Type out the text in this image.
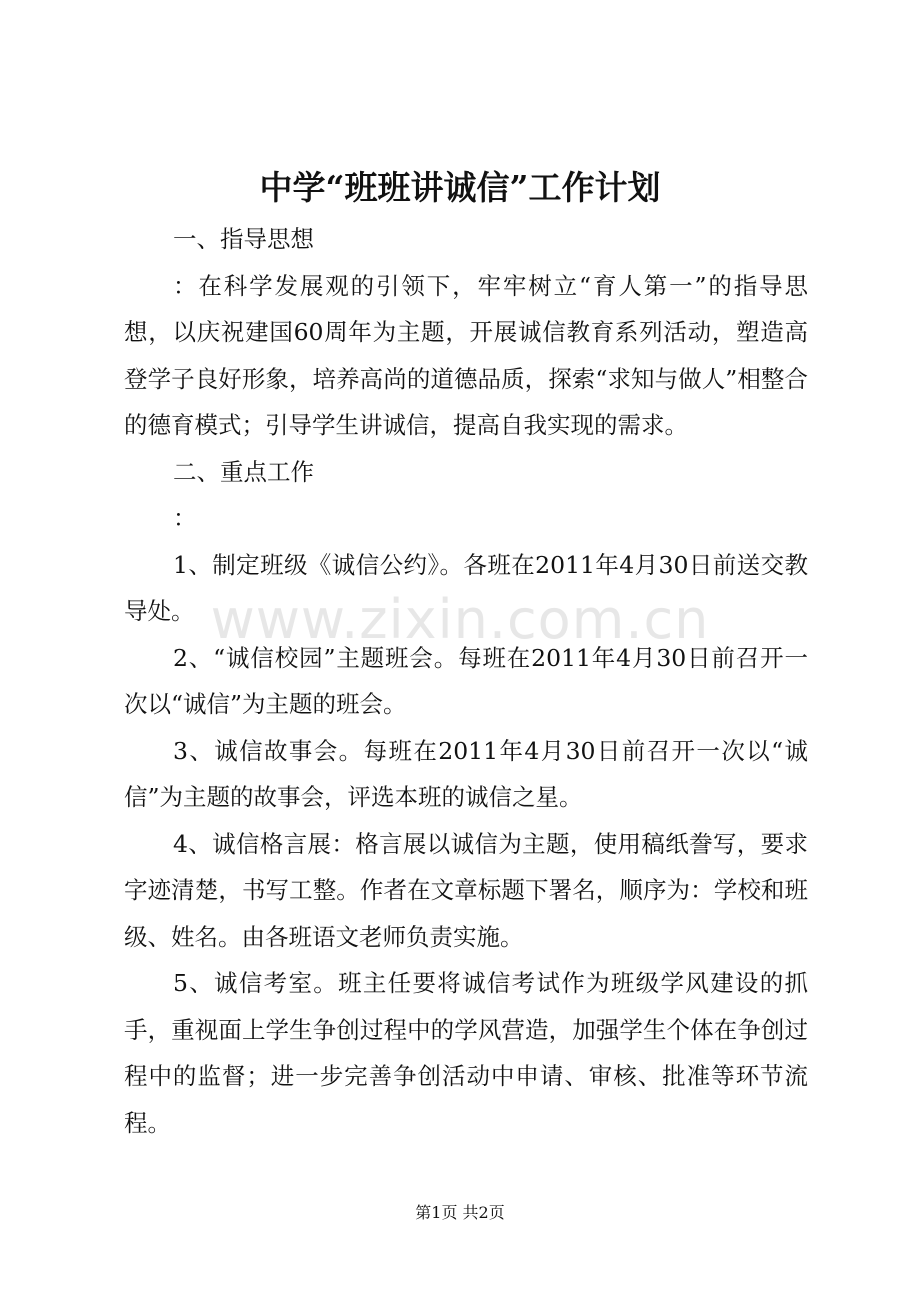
www.zixin.com.cn
中学“班班讲诚信”工作计划

一、指导思想

：在科学发展观的引领下，牢牢树立“育人第一”的指导思想，以庆祝建国60周年为主题，开展诚信教育系列活动，塑造高登学子良好形象，培养高尚的道德品质，探索“求知与做人”相整合的德育模式；引导学生讲诚信，提高自我实现的需求。

二、重点工作

：

1、制定班级《诚信公约》。各班在2011年4月30日前送交教导处。

2、“诚信校园”主题班会。每班在2011年4月30日前召开一次以“诚信”为主题的班会。

3、诚信故事会。每班在2011年4月30日前召开一次以“诚信”为主题的故事会，评选本班的诚信之星。

4、诚信格言展：格言展以诚信为主题，使用稿纸誊写，要求字迹清楚，书写工整。作者在文章标题下署名，顺序为：学校和班级、姓名。由各班语文老师负责实施。

5、诚信考室。班主任要将诚信考试作为班级学风建设的抓手，重视面上学生争创过程中的学风营造，加强学生个体在争创过程中的监督；进一步完善争创活动中申请、审核、批准等环节流程。

第1页 共2页
